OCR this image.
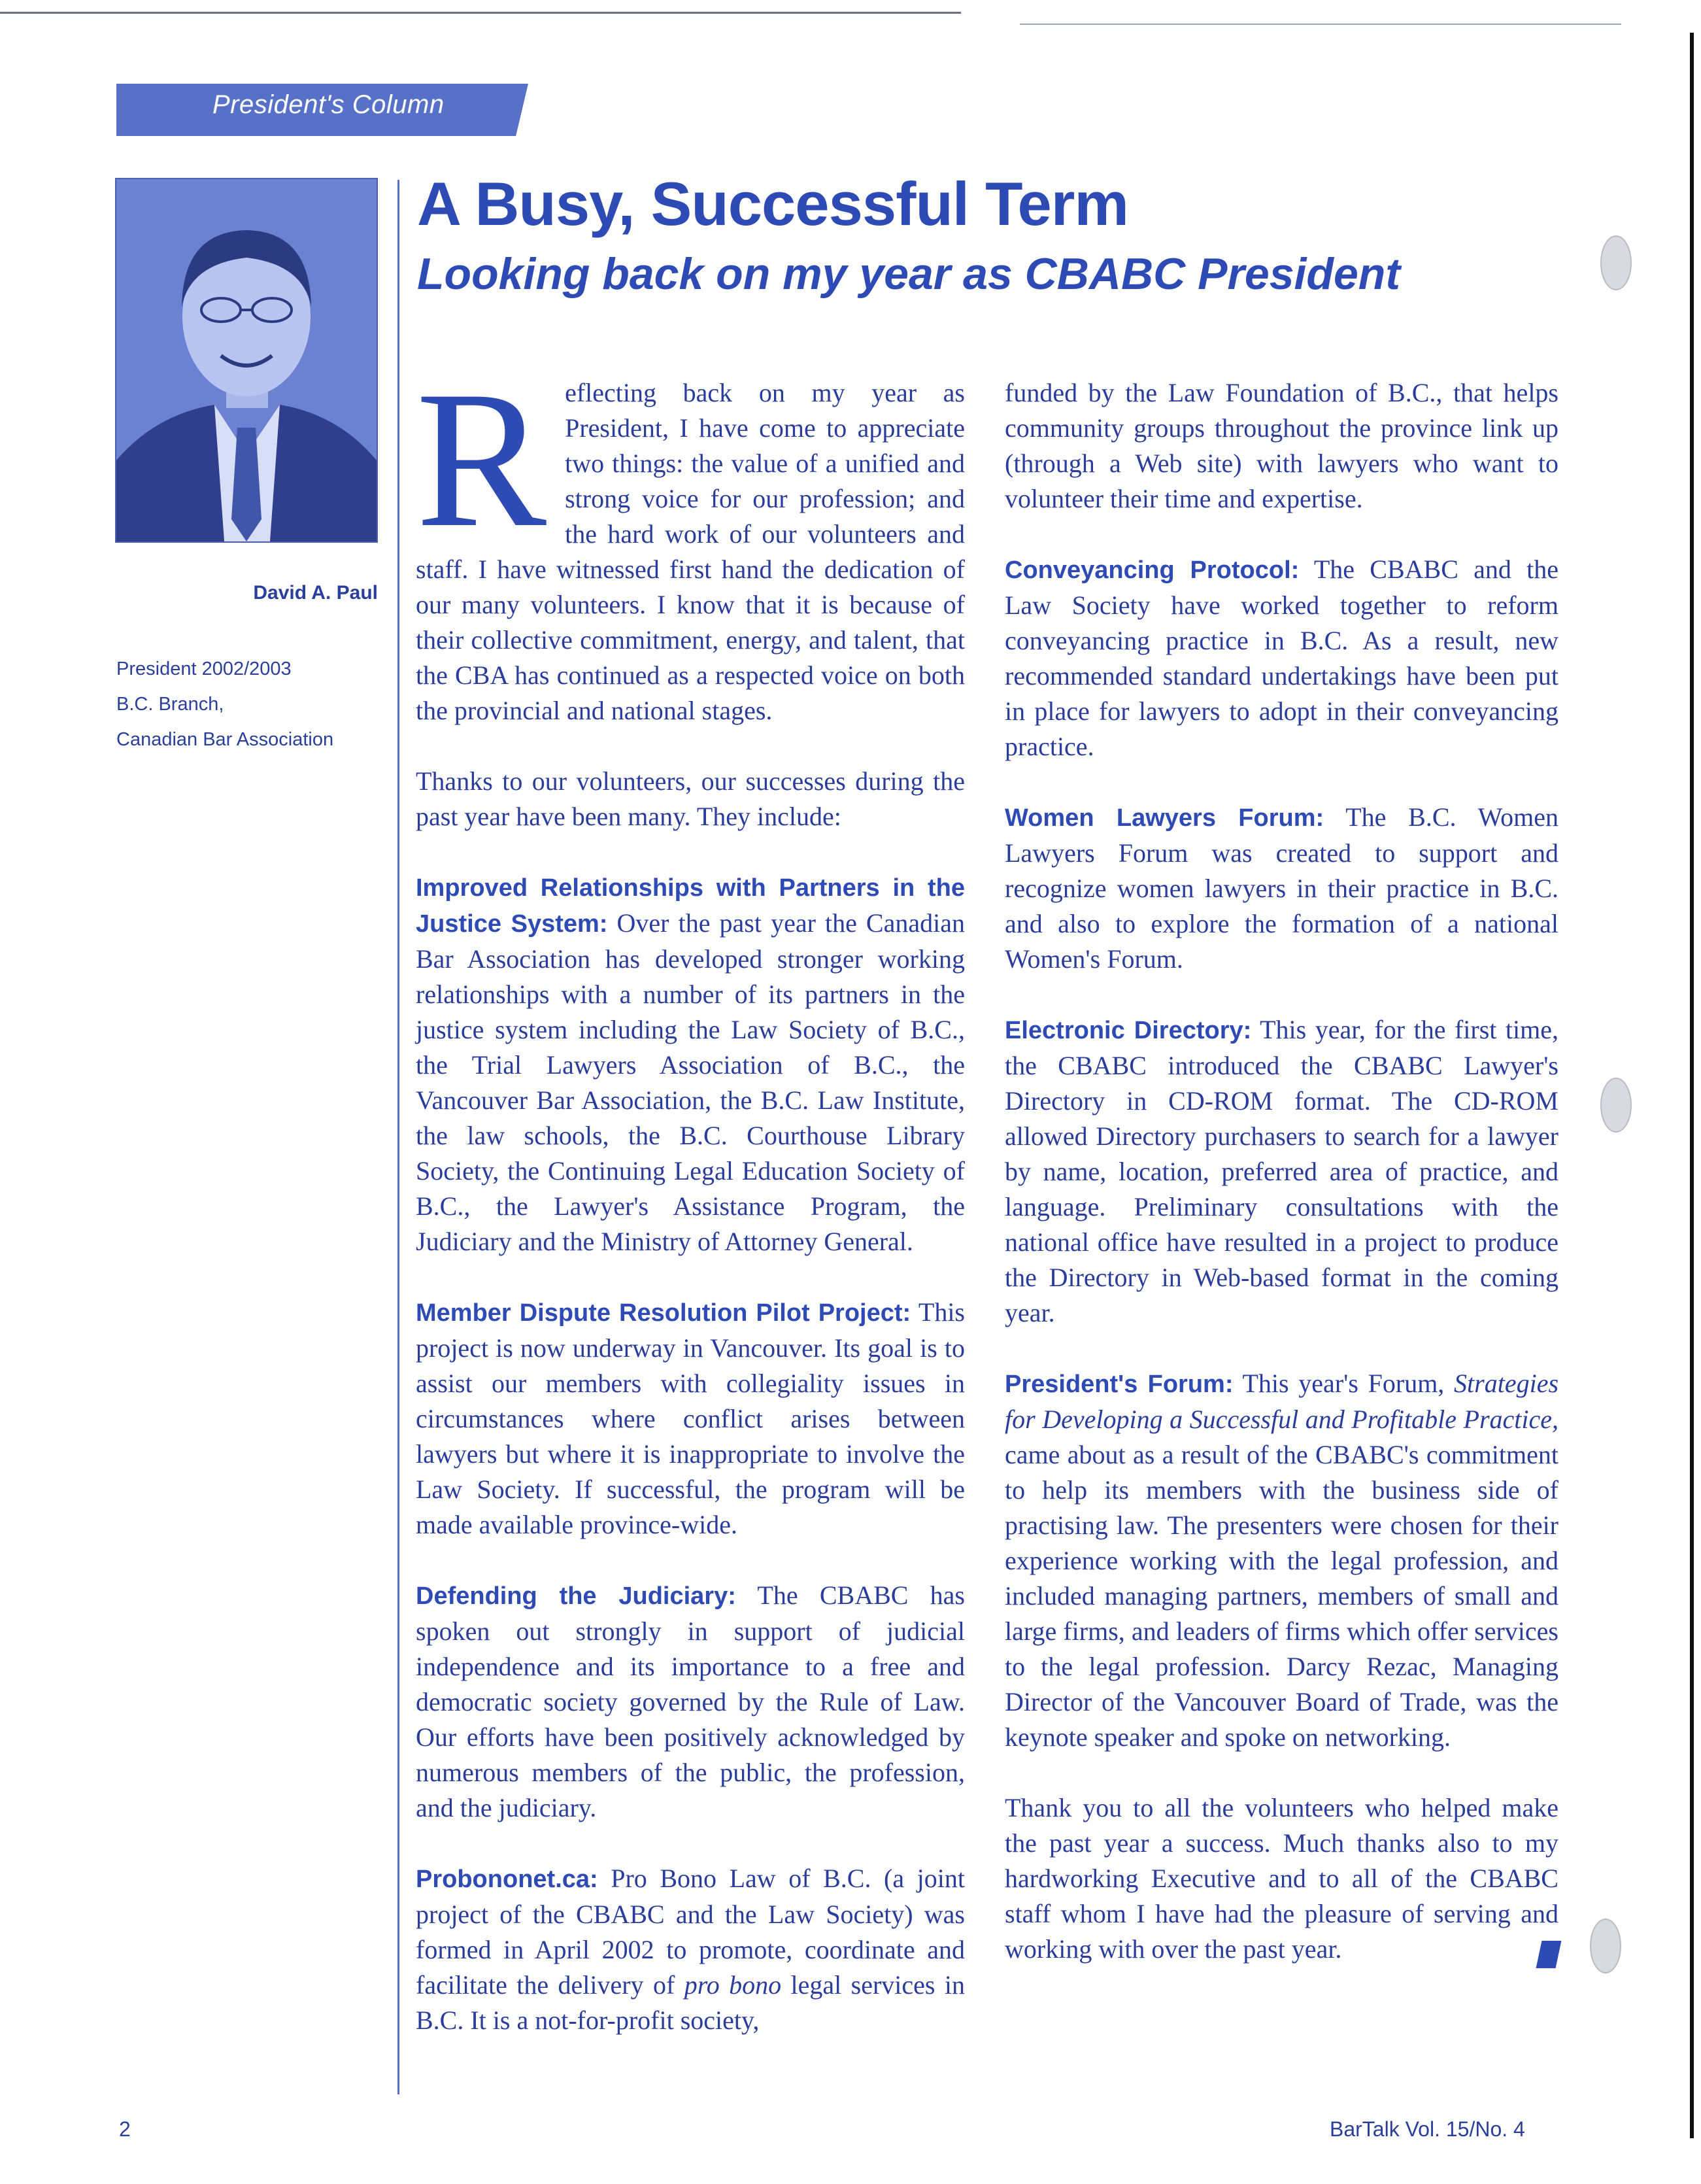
President's Column
David A. Paul
President 2002/2003
B.C. Branch,
Canadian Bar Association
A Busy, Successful Term
Looking back on my year as CBABC President

Reflecting back on my year as President, I have come to appreciate two things: the value of a unified and strong voice for our profession; and the hard work of our volunteers and staff. I have witnessed first hand the dedication of our many volunteers. I know that it is because of their collective commitment, energy, and talent, that the CBA has continued as a respected voice on both the provincial and national stages.

Thanks to our volunteers, our successes during the past year have been many. They include:

Improved Relationships with Partners in the Justice System: Over the past year the Canadian Bar Association has developed stronger working relationships with a number of its partners in the justice system including the Law Society of B.C., the Trial Lawyers Association of B.C., the Vancouver Bar Association, the B.C. Law Institute, the law schools, the B.C. Courthouse Library Society, the Continuing Legal Education Society of B.C., the Lawyer's Assistance Program, the Judiciary and the Ministry of Attorney General.

Member Dispute Resolution Pilot Project: This project is now underway in Vancouver. Its goal is to assist our members with collegiality issues in circumstances where conflict arises between lawyers but where it is inappropriate to involve the Law Society. If successful, the program will be made available province-wide.

Defending the Judiciary: The CBABC has spoken out strongly in support of judicial independence and its importance to a free and democratic society governed by the Rule of Law. Our efforts have been positively acknowledged by numerous members of the public, the profession, and the judiciary.

Probononet.ca: Pro Bono Law of B.C. (a joint project of the CBABC and the Law Society) was formed in April 2002 to promote, coordinate and facilitate the delivery of pro bono legal services in B.C. It is a not-for-profit society,

funded by the Law Foundation of B.C., that helps community groups throughout the province link up (through a Web site) with lawyers who want to volunteer their time and expertise.

Conveyancing Protocol: The CBABC and the Law Society have worked together to reform conveyancing practice in B.C. As a result, new recommended standard undertakings have been put in place for lawyers to adopt in their conveyancing practice.

Women Lawyers Forum: The B.C. Women Lawyers Forum was created to support and recognize women lawyers in their practice in B.C. and also to explore the formation of a national Women's Forum.

Electronic Directory: This year, for the first time, the CBABC introduced the CBABC Lawyer's Directory in CD-ROM format. The CD-ROM allowed Directory purchasers to search for a lawyer by name, location, preferred area of practice, and language. Preliminary consultations with the national office have resulted in a project to produce the Directory in Web-based format in the coming year.

President's Forum: This year's Forum, Strategies for Developing a Successful and Profitable Practice, came about as a result of the CBABC's commitment to help its members with the business side of practising law. The presenters were chosen for their experience working with the legal profession, and included managing partners, members of small and large firms, and leaders of firms which offer services to the legal profession. Darcy Rezac, Managing Director of the Vancouver Board of Trade, was the keynote speaker and spoke on networking.

Thank you to all the volunteers who helped make the past year a success. Much thanks also to my hardworking Executive and to all of the CBABC staff whom I have had the pleasure of serving and working with over the past year.

2	BarTalk Vol. 15/No. 4
